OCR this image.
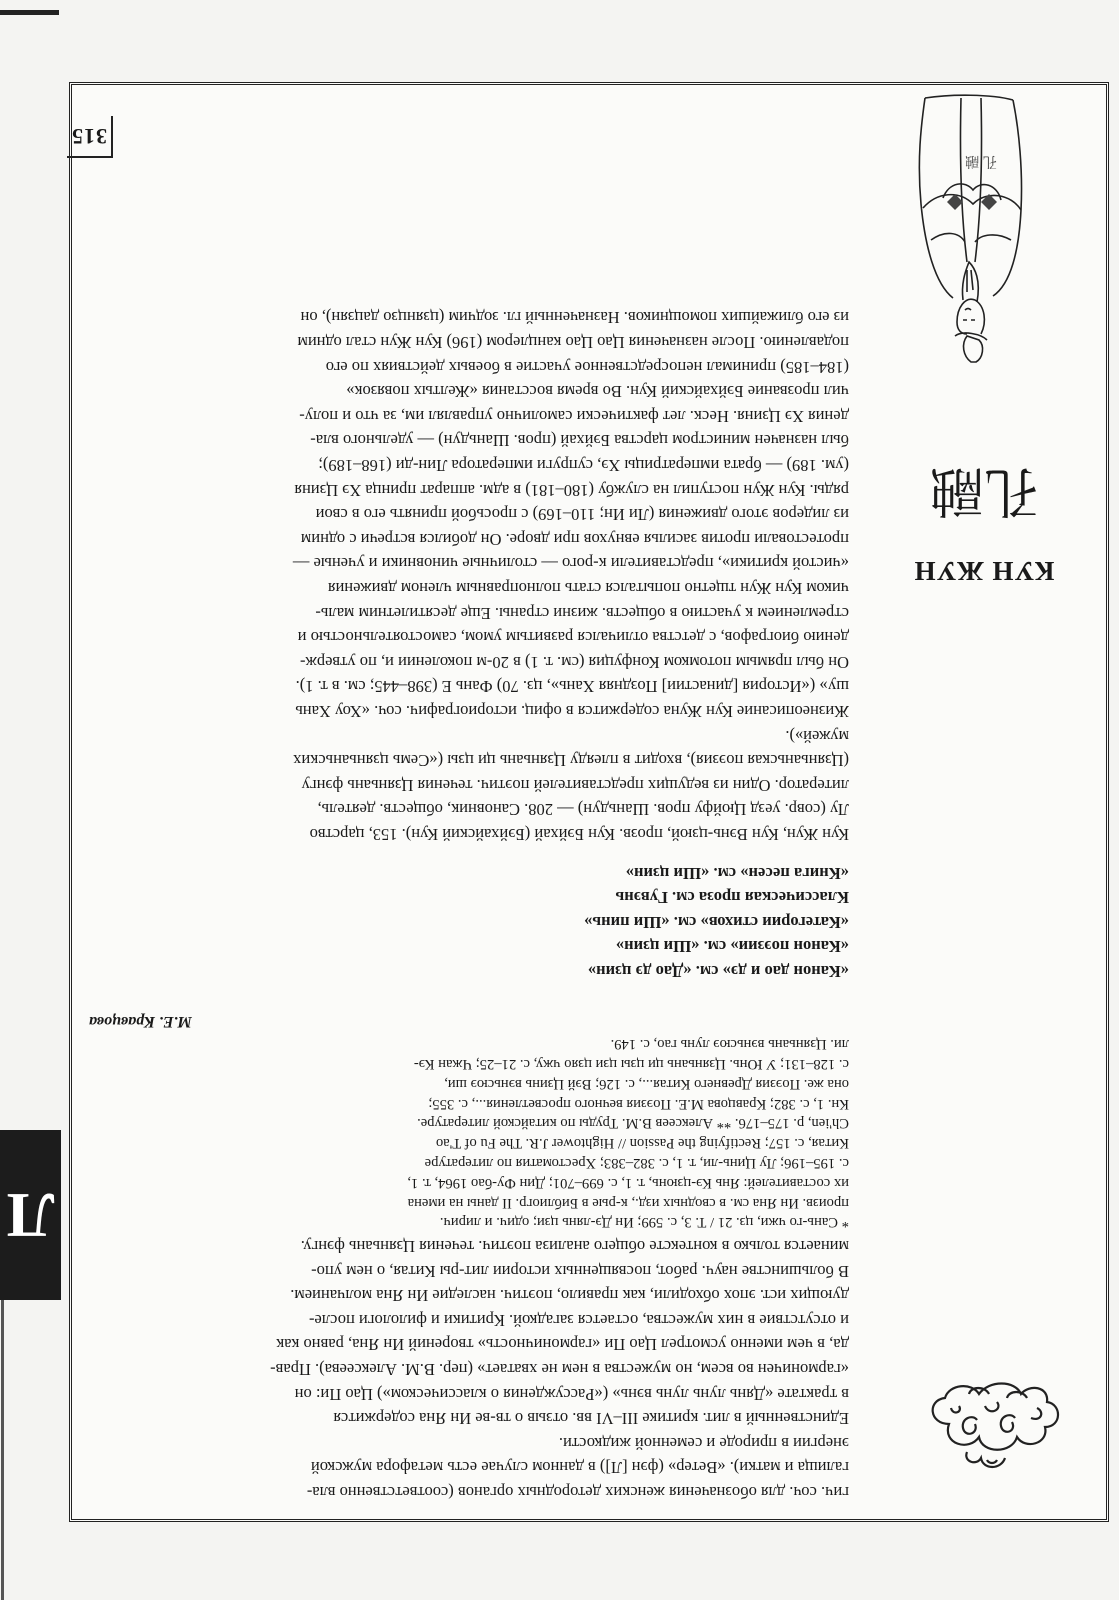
315
Л
КУН ЖУН
孔融
孔 融

гич. соч. для обозначения женских детородных органов (соответственно вла-

галища и матки). «Ветер» (фэн [Л]) в данном случае есть метафора мужской

энергии в природе и семенной жидкости.

Единственный в лит. критике III–VI вв. отзыв о тв-ве Ин Яна содержится

в трактате «Дянь лунь лунь вэнь» («Рассуждения о классическом») Цао Пи: он

«гармоничен во всем, но мужества в нем не хватает» (пер. В.М. Алексеева). Прав-

да, в чем именно усмотрел Цао Пи «гармоничность» творений Ин Яна, равно как

и отсутствие в них мужества, остается загадкой. Критики и филологи после-

дующих ист. эпох обходили, как правило, поэтич. наследие Ин Яна молчанием.

В большинстве науч. работ, посвященных истории лит-ры Китая, о нем упо-

минается только в контексте общего анализа поэтич. течения Цзяньань фэнгу.

* Сань-го чжи, цз. 21 / Т. 3, с. 599; Ин Дэ-лянь цзи; одич. и лирич.

произв. Ин Яна см. в сводных изд., к-рые в Библиогр. II даны на имена

их составителей: Янь Кэ-цзюнь, т. 1, с. 699–701; Дин Фу-бао 1964, т. 1,

с. 195–196; Лу Цинь-ли, т. 1, с. 382–383; Хрестоматия по литературе

Китая, с. 157; Rectifying the Passion // Hightower J.R. The Fu of T'ao

Ch'ien, p. 175–176. ** Алексеев В.М. Труды по китайской литературе.

Кн. 1, с. 382; Кравцова М.Е. Поэзия вечного просветления..., с. 355;

она же. Поэзия Древнего Китая..., с. 126; Вэй Цзинь вэньсюэ ши,

с. 128–131; У Юнь. Цзяньань ци цзы цзи цзяо чжу, с. 21–25; Чжан Кэ-

ли. Цзяньань вэньсюэ лунь гао, с. 149.

М.Е. Кравцова

«Канон дао и дэ» см. «Дао дэ цзин»

«Канон поэзии» см. «Ши цзин»

«Категории стихов» см. «Ши пинь»

Классическая проза см. Гувэнь

«Книга песен» см. «Ши цзин»

Кун Жун, Кун Вэнь-цзюй, прозв. Кун Бэйхай (Бэйхайский Кун). 153, царство

Лу (совр. уезд Цюйфу пров. Шаньдун) — 208. Сановник, обществ. деятель,

литератор. Один из ведущих представителей поэтич. течения Цзяньань фэнгу

(Цзяньаньская поэзия), входит в плеяду Цзяньань ци цзы («Семь цзяньаньских

мужей»).

Жизнеописание Кун Жуна содержится в офиц. историографич. соч. «Хоу Хань

шу» («История [династии] Поздняя Хань», цз. 70) Фань Е (398–445; см. в т. 1).

Он был прямым потомком Конфуция (см. т. 1) в 20-м поколении и, по утверж-

дению биографов, с детства отличался развитым умом, самостоятельностью и

стремлением к участию в обществ. жизни страны. Еще десятилетним маль-

чиком Кун Жун тщетно попытался стать полноправным членом движения

«чистой критики», представители к-рого — столичные чиновники и ученые —

протестовали против засилья евнухов при дворе. Он добился встречи с одним

из лидеров этого движения (Ли Ин; 110–169) с просьбой принять его в свои

ряды. Кун Жун поступил на службу (180–181) в адм. аппарат принца Хэ Цзиня

(ум. 189) — брата императрицы Хэ, супруги императора Лин-ди (168–189);

был назначен министром царства Бэйхай (пров. Шаньдун) — удельного вла-

дения Хэ Цзиня. Неск. лет фактически самолично управлял им, за что и полу-

чил прозвание Бэйхайский Кун. Во время восстания «Желтых повязок»

(184–185) принимал непосредственное участие в боевых действиях по его

подавлению. После назначения Цао Цао канцлером (196) Кун Жун стал одним

из его ближайших помощников. Назначенный гл. зодчим (цзянцзо дацзян), он
